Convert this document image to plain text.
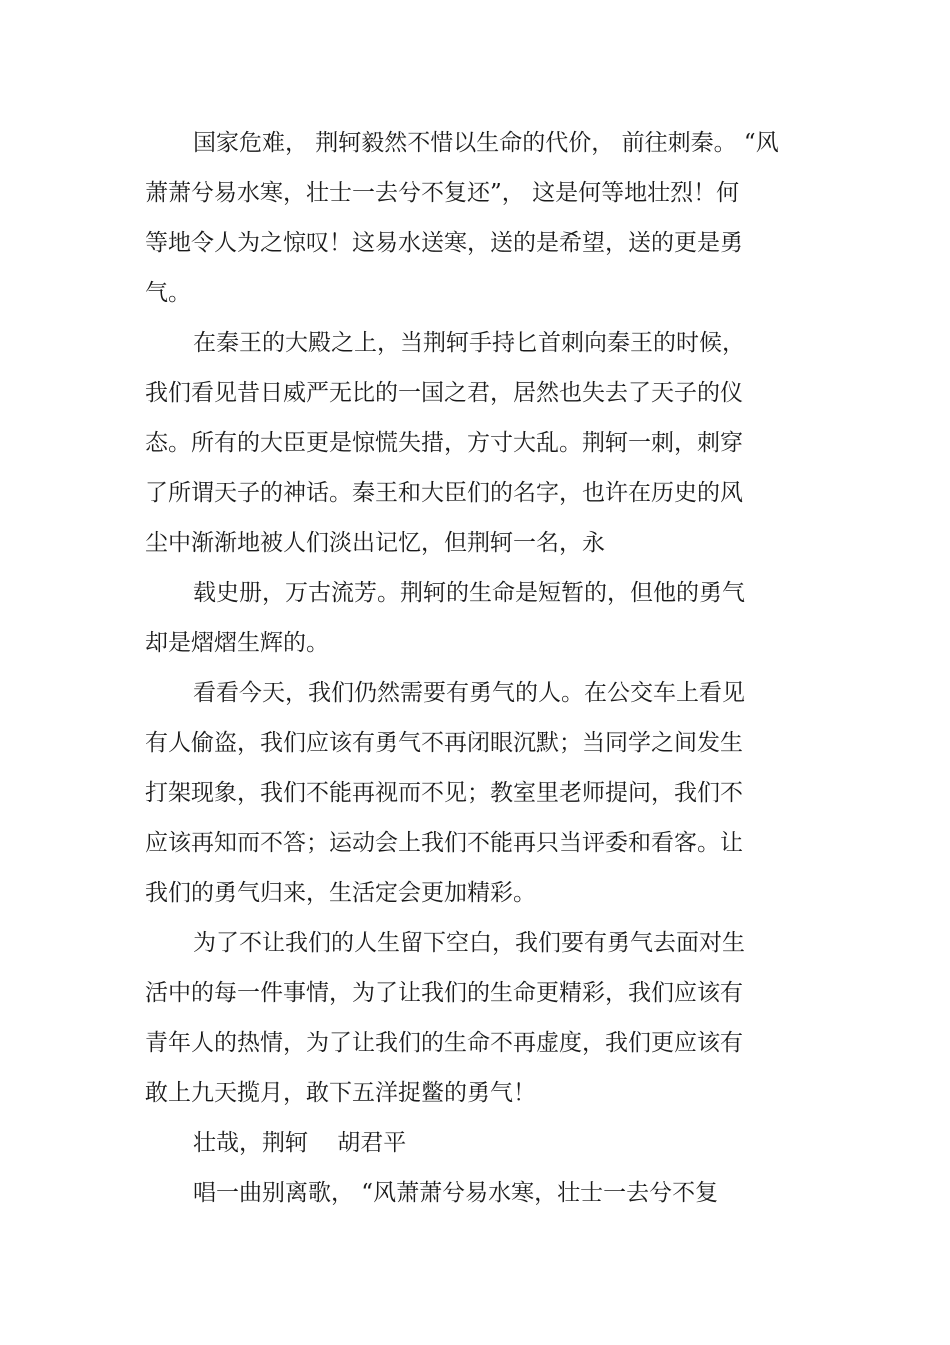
国家危难， 荆轲毅然不惜以生命的代价， 前往刺秦。 “风

萧萧兮易水寒，壮士一去兮不复还”， 这是何等地壮烈！何

等地令人为之惊叹！这易水送寒，送的是希望，送的更是勇

气。

在秦王的大殿之上，当荆轲手持匕首刺向秦王的时候，

我们看见昔日威严无比的一国之君，居然也失去了天子的仪

态。所有的大臣更是惊慌失措，方寸大乱。荆轲一刺，刺穿

了所谓天子的神话。秦王和大臣们的名字，也许在历史的风

尘中渐渐地被人们淡出记忆，但荆轲一名，永

载史册，万古流芳。荆轲的生命是短暂的，但他的勇气

却是熠熠生辉的。

看看今天，我们仍然需要有勇气的人。在公交车上看见

有人偷盗，我们应该有勇气不再闭眼沉默；当同学之间发生

打架现象，我们不能再视而不见；教室里老师提问，我们不

应该再知而不答；运动会上我们不能再只当评委和看客。让

我们的勇气归来，生活定会更加精彩。

为了不让我们的人生留下空白，我们要有勇气去面对生

活中的每一件事情，为了让我们的生命更精彩，我们应该有

青年人的热情，为了让我们的生命不再虚度，我们更应该有

敢上九天揽月，敢下五洋捉鳖的勇气！

壮哉，荆轲    胡君平

唱一曲别离歌， “风萧萧兮易水寒，壮士一去兮不复
